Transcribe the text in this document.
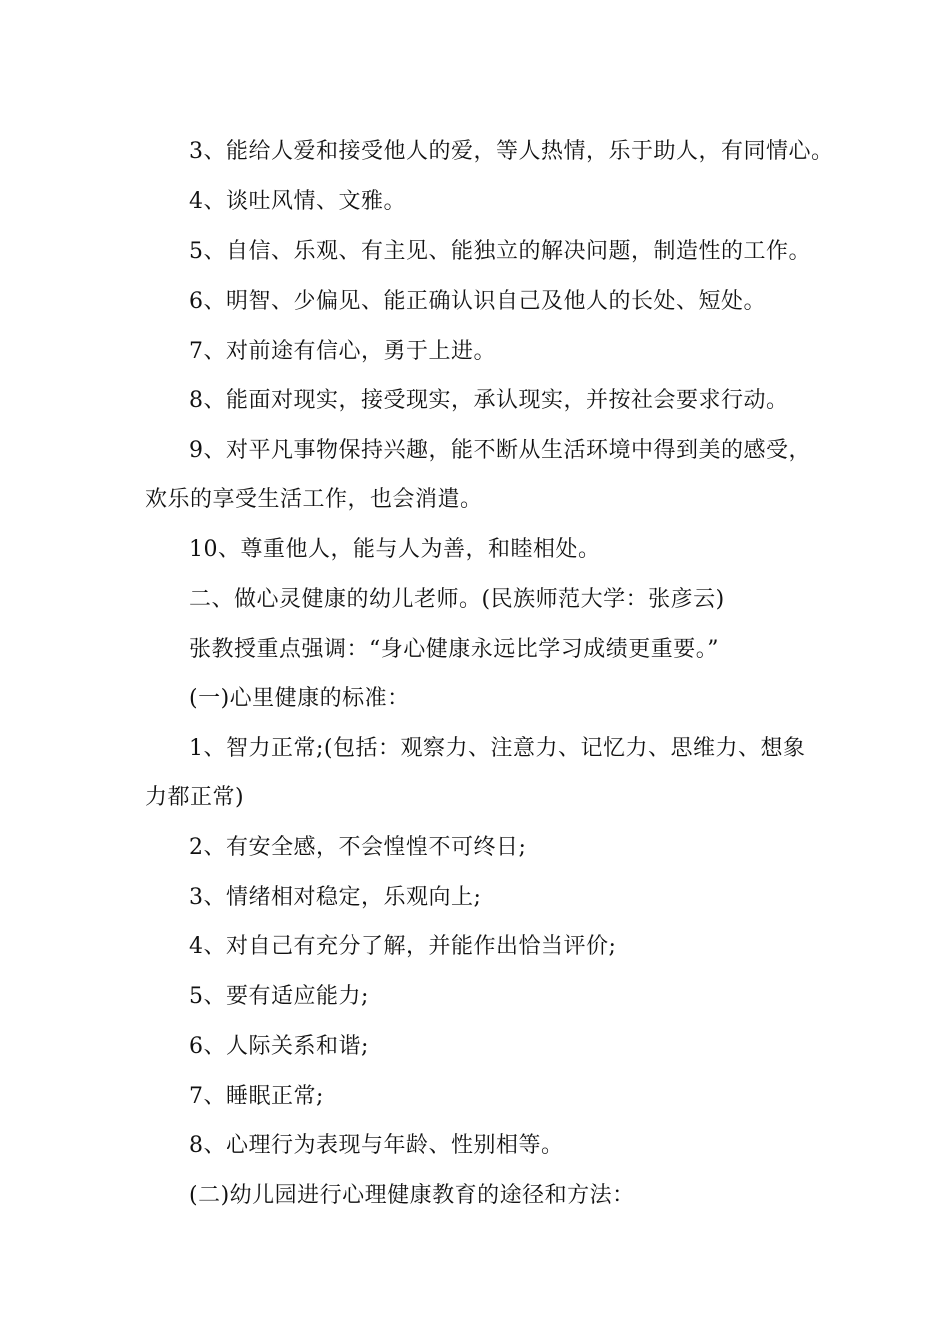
3、能给人爱和接受他人的爱，等人热情，乐于助人，有同情心。
4、谈吐风情、文雅。
5、自信、乐观、有主见、能独立的解决问题，制造性的工作。
6、明智、少偏见、能正确认识自己及他人的长处、短处。
7、对前途有信心，勇于上进。
8、能面对现实，接受现实，承认现实，并按社会要求行动。
9、对平凡事物保持兴趣，能不断从生活环境中得到美的感受，
欢乐的享受生活工作，也会消遣。
10、尊重他人，能与人为善，和睦相处。
二、做心灵健康的幼儿老师。(民族师范大学：张彦云)
张教授重点强调：“身心健康永远比学习成绩更重要。”
(一)心里健康的标准：
1、智力正常;(包括：观察力、注意力、记忆力、思维力、想象
力都正常)
2、有安全感，不会惶惶不可终日;
3、情绪相对稳定，乐观向上;
4、对自己有充分了解，并能作出恰当评价;
5、要有适应能力;
6、人际关系和谐;
7、睡眠正常;
8、心理行为表现与年龄、性别相等。
(二)幼儿园进行心理健康教育的途径和方法：
